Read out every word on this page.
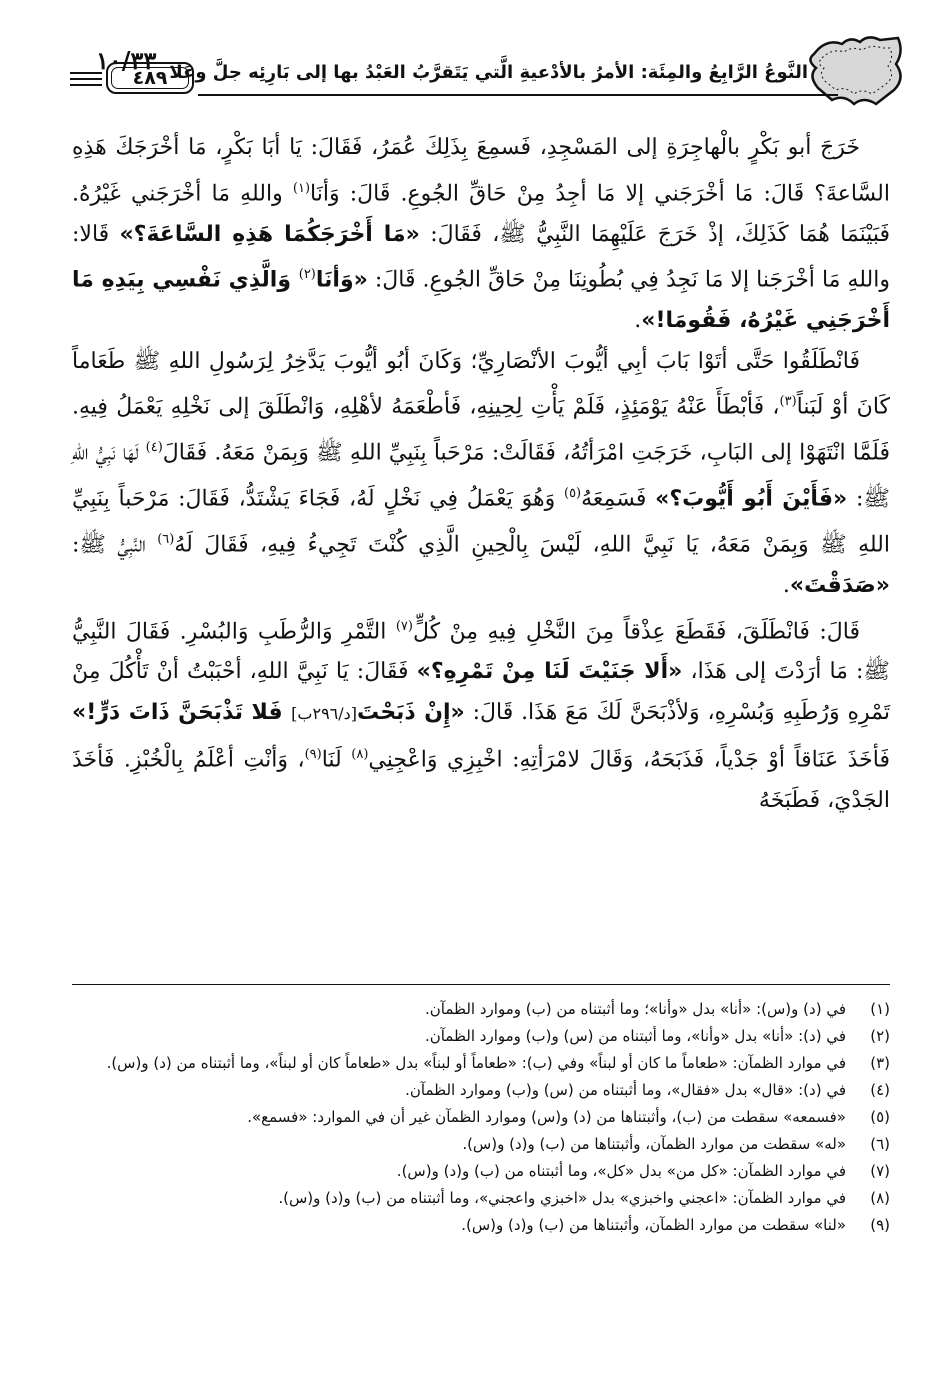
١٠/٣٣ النَّوعُ الرَّابِعُ والمِئَة: الأمرُ بالأدْعيةِ الَّتي يَتَقرَّبُ العَبْدُ بها إلى بَارِئِه جلَّ وعَلا
٤٨٩

خَرَجَ أبو بَكْرٍ بالْهاجِرَةِ إلى المَسْجِدِ، فَسمِعَ بِذَلِكَ عُمَرُ، فَقَالَ: يَا أبَا بَكْرٍ، مَا أخْرَجَكَ هَذِهِ السَّاعةَ؟ قَالَ: مَا أخْرَجَني إلا مَا أجِدُ مِنْ حَاقِّ الجُوعِ. قَالَ: وَأنَا$^{(١)}$ واللهِ مَا أخْرَجَني غَيْرُهُ. فَبَيْنَمَا هُمَا كَذَلِكَ، إذْ خَرَجَ عَلَيْهِمَا النَّبِيُّ ﷺ، فَقَالَ: «مَا أَخْرَجَكُمَا هَذِهِ السَّاعَةَ؟» قَالا: واللهِ مَا أخْرَجَنا إلا مَا نَجِدُ فِي بُطُونِنَا مِنْ حَاقِّ الجُوعِ. قَالَ: «وَأنَا$^{(٢)}$ وَالَّذِي نَفْسِي بِيَدِهِ مَا أَخْرَجَنِي غَيْرُهُ، فَقُومَا!».

فَانْطَلَقُوا حَتَّى أتَوْا بَابَ أبِي أيُّوبَ الأنْصَارِيِّ؛ وَكَانَ أبُو أيُّوبَ يَدَّخِرُ لِرَسُولِ اللهِ ﷺ طَعَاماً كَانَ أوْ لَبَناً$^{(٣)}$، فَأبْطَأَ عَنْهُ يَوْمَئِذٍ، فَلَمْ يَأْتِ لِحِينِهِ، فَأطْعَمَهُ لأهْلِهِ، وَانْطَلَقَ إلى نَخْلِهِ يَعْمَلُ فِيهِ. فَلَمَّا انْتَهَوْا إلى البَابِ، خَرَجَتِ امْرَأتُهُ، فَقَالَتْ: مَرْحَباً بِنَبِيِّ اللهِ ﷺ وَبِمَنْ مَعَهُ. فَقَالَ$^{(٤)}$ لَهَا نَبِيُّ اللهِ ﷺ: «فَأَيْنَ أَبُو أَيُّوبَ؟» فَسَمِعَهُ$^{(٥)}$ وَهُوَ يَعْمَلُ فِي نَخْلٍ لَهُ، فَجَاءَ يَشْتَدُّ، فَقَالَ: مَرْحَباً بِنَبِيِّ اللهِ ﷺ وَبِمَنْ مَعَهُ، يَا نَبِيَّ اللهِ، لَيْسَ بِالْحِينِ الَّذِي كُنْتَ تَجِيءُ فِيهِ، فَقَالَ لَهُ$^{(٦)}$ النَّبِيُّ ﷺ: «صَدَقْتَ».

قَالَ: فَانْطَلَقَ، فَقَطَعَ عِذْقاً مِنَ النَّخْلِ فِيهِ مِنْ كُلٍّ$^{(٧)}$ التَّمْرِ وَالرُّطَبِ وَالبُسْرِ. فَقَالَ النَّبِيُّ ﷺ: مَا أرَدْتَ إلى هَذَا، «أَلا جَنَيْتَ لَنَا مِنْ تَمْرِهِ؟» فَقَالَ: يَا نَبِيَّ اللهِ، أحْبَبْتُ أنْ تَأْكُلَ مِنْ تَمْرِهِ وَرُطَبِهِ وَبُسْرِهِ، وَلأذْبَحَنَّ لَكَ مَعَ هَذَا. قَالَ: «إِنْ ذَبَحْتَ[د/٢٩٦ب] فَلا تَذْبَحَنَّ ذَاتَ دَرٍّ!» فَأخَذَ عَنَاقاً أوْ جَدْياً، فَذَبَحَهُ، وَقَالَ لامْرَأتِهِ: اخْبِزِي وَاعْجِنِي$^{(٨)}$ لَنَا$^{(٩)}$، وَأنْتِ أعْلَمُ بِالْخُبْزِ. فَأخَذَ الجَدْيَ، فَطَبَخَهُ

(١)
في (د) و(س): «أنا» بدل «وأنا»؛ وما أثبتناه من (ب) وموارد الظمآن.
(٢)
في (د): «أنا» بدل «وأنا»، وما أثبتناه من (س) و(ب) وموارد الظمآن.
(٣)
في موارد الظمآن: «طعاماً ما كان أو لبناً» وفي (ب): «طعاماً أو لبناً» بدل «طعاماً كان أو لبناً»، وما أثبتناه من (د) و(س).
(٤)
في (د): «قال» بدل «فقال»، وما أثبتناه من (س) و(ب) وموارد الظمآن.
(٥)
«فسمعه» سقطت من (ب)، وأثبتناها من (د) و(س) وموارد الظمآن غير أن في الموارد: «فسمع».
(٦)
«له» سقطت من موارد الظمآن، وأثبتناها من (ب) و(د) و(س).
(٧)
في موارد الظمآن: «كل من» بدل «كل»، وما أثبتناه من (ب) و(د) و(س).
(٨)
في موارد الظمآن: «اعجني واخبزي» بدل «اخبزي واعجني»، وما أثبتناه من (ب) و(د) و(س).
(٩)
«لنا» سقطت من موارد الظمآن، وأثبتناها من (ب) و(د) و(س).
